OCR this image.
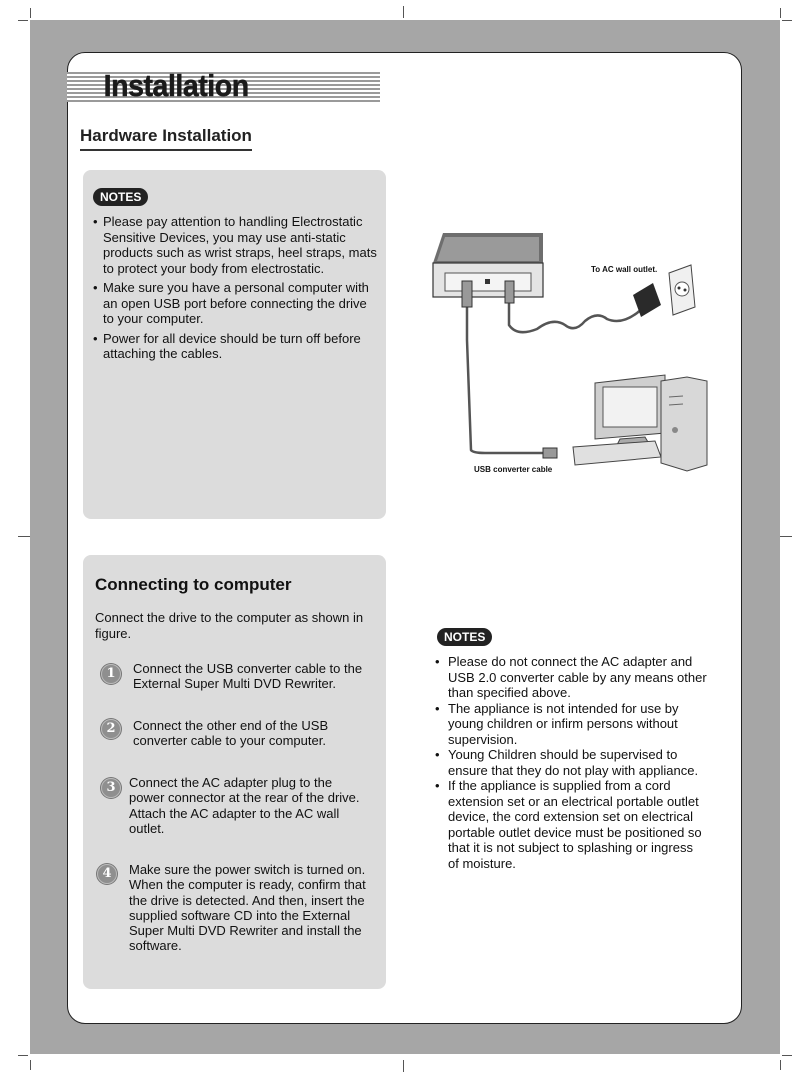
Installation
Hardware Installation
NOTES
• Please pay attention to handling Electrostatic Sensitive Devices, you may use anti-static products such as wrist straps, heel straps, mats to protect your body from electrostatic.
• Make sure you have a personal computer with an open USB port before connecting the drive to your computer.
• Power for all device should be turn off before attaching the cables.
To AC wall outlet.
USB converter cable
Connecting to computer
Connect the drive to the computer as shown in figure.
1	Connect the USB converter cable to the External Super Multi DVD Rewriter.
2	Connect the other end of the USB converter cable to your computer.
3	Connect the AC adapter plug to the power connector at the rear of the drive. Attach the AC adapter to the AC wall outlet.
4	Make sure the power switch is turned on. When the computer is ready, confirm that the drive is detected. And then, insert the supplied software CD into the External Super Multi DVD Rewriter and install the software.
NOTES
• Please do not connect the AC adapter and USB 2.0 converter cable by any means other than specified above.
• The appliance is not intended for use by young children or infirm persons without supervision.
• Young Children should be supervised to ensure that they do not play with appliance.
• If the appliance is supplied from a cord extension set or an electrical portable outlet device, the cord extension set on electrical portable outlet device must be positioned so that it is not subject to splashing or ingress of moisture.
